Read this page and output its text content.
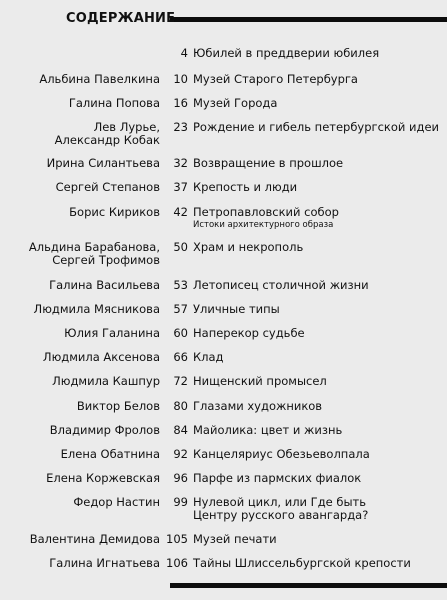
СОДЕРЖАНИЕ
4 Юбилей в преддверии юбилея
Альбина Павелкина	10 Музей Старого Петербурга
Галина Попова	16 Музей Города
Лев Лурье,
Александр Кобак
23 Рождение и гибель петербургской идеи
Ирина Силантьева	32 Возвращение в прошлое
Сергей Степанов	37 Крепость и люди
Борис Кириков	42 Петропавловский собор
Истоки архитектурного образа
Альдина Барабанова,
Сергей Трофимов
50 Храм и некрополь
Галина Васильева	53 Летописец столичной жизни
Людмила Мясникова	57 Уличные типы
Юлия Галанина	60 Наперекор судьбе
Людмила Аксенова	66 Клад
Людмила Кашпур	72 Нищенский промысел
Виктор Белов	80 Глазами художников
Владимир Фролов	84 Майолика: цвет и жизнь
Елена Обатнина	92 Канцеляриус Обезьеволпала
Елена Коржевская	96 Парфе из пармских фиалок
Федор Настин	99 Нулевой цикл, или Где быть
Центру русского авангарда?
Валентина Демидова 105 Музей печати
Галина Игнатьева 106 Тайны Шлиссельбургской крепости
